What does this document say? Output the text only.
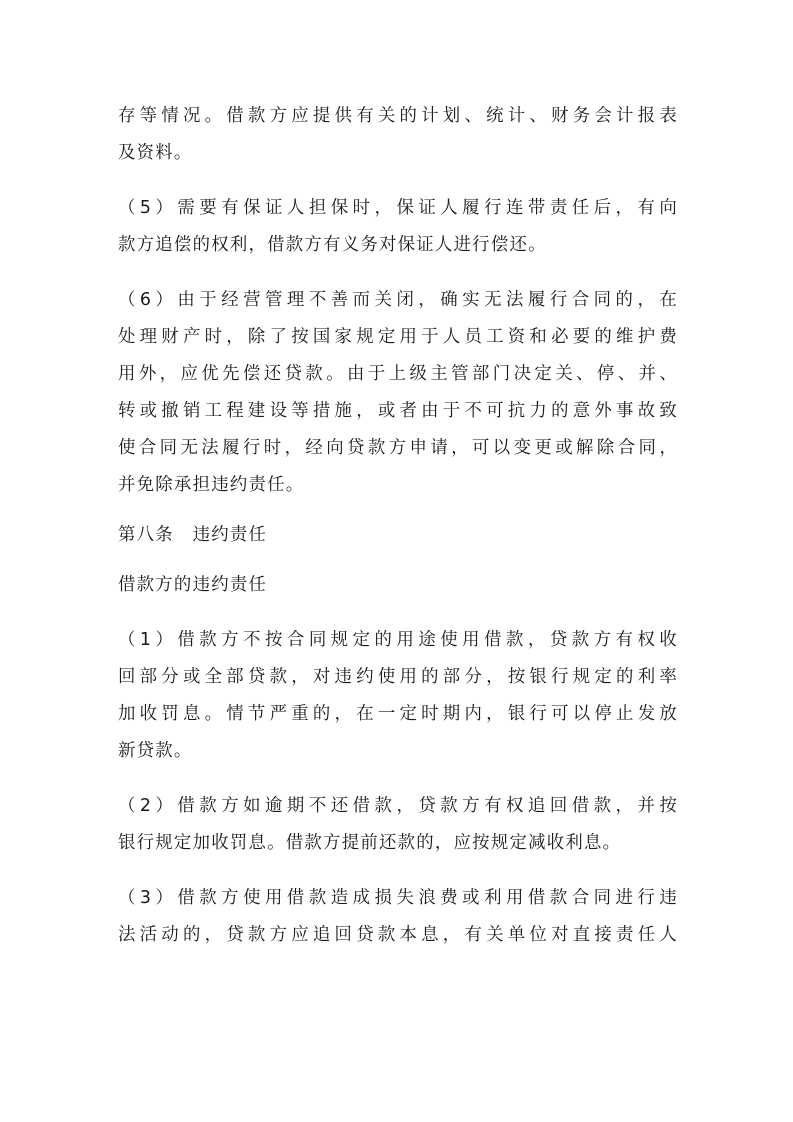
存等情况。借款方应提供有关的计划、统计、财务会计报表
及资料。

（5）需要有保证人担保时，保证人履行连带责任后，有向
款方追偿的权利，借款方有义务对保证人进行偿还。

（6）由于经营管理不善而关闭，确实无法履行合同的，在
处理财产时，除了按国家规定用于人员工资和必要的维护费
用外，应优先偿还贷款。由于上级主管部门决定关、停、并、
转或撤销工程建设等措施，或者由于不可抗力的意外事故致
使合同无法履行时，经向贷款方申请，可以变更或解除合同，
并免除承担违约责任。

第八条　违约责任

借款方的违约责任

（1）借款方不按合同规定的用途使用借款，贷款方有权收
回部分或全部贷款，对违约使用的部分，按银行规定的利率
加收罚息。情节严重的，在一定时期内，银行可以停止发放
新贷款。

（2）借款方如逾期不还借款，贷款方有权追回借款，并按
银行规定加收罚息。借款方提前还款的，应按规定减收利息。

（3）借款方使用借款造成损失浪费或利用借款合同进行违
法活动的，贷款方应追回贷款本息，有关单位对直接责任人
